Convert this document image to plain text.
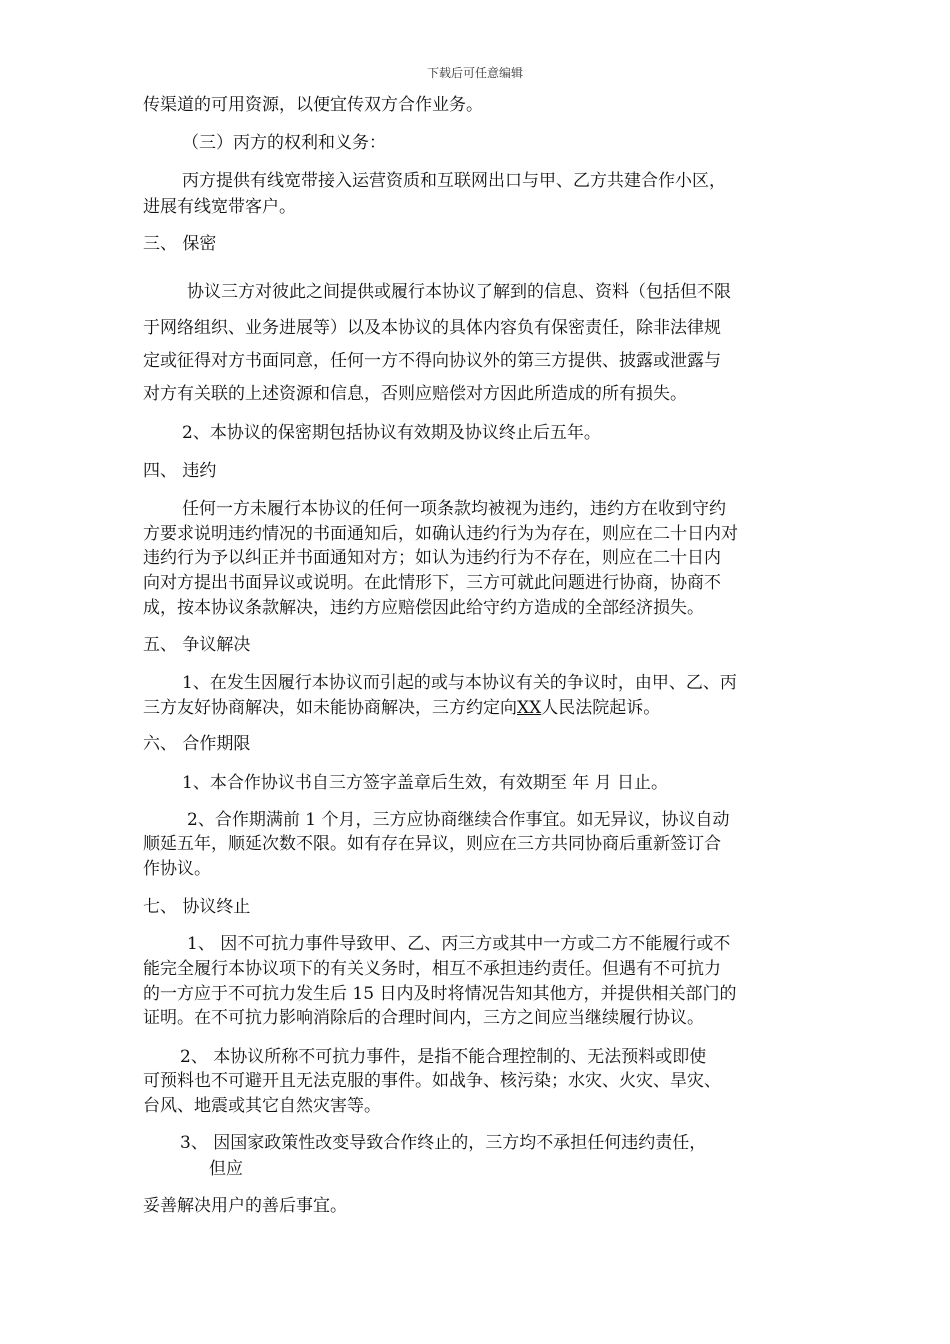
下载后可任意编辑
传渠道的可用资源，以便宜传双方合作业务。
（三）丙方的权利和义务：
丙方提供有线宽带接入运营资质和互联网出口与甲、乙方共建合作小区，
进展有线宽带客户。
三、 保密
协议三方对彼此之间提供或履行本协议了解到的信息、资料（包括但不限
于网络组织、业务进展等）以及本协议的具体内容负有保密责任，除非法律规
定或征得对方书面同意，任何一方不得向协议外的第三方提供、披露或泄露与
对方有关联的上述资源和信息，否则应赔偿对方因此所造成的所有损失。
2、本协议的保密期包括协议有效期及协议终止后五年。
四、 违约
任何一方未履行本协议的任何一项条款均被视为违约，违约方在收到守约
方要求说明违约情况的书面通知后，如确认违约行为为存在，则应在二十日内对
违约行为予以纠正并书面通知对方；如认为违约行为不存在，则应在二十日内
向对方提出书面异议或说明。在此情形下，三方可就此问题进行协商，协商不
成，按本协议条款解决，违约方应赔偿因此给守约方造成的全部经济损失。
五、 争议解决
1、在发生因履行本协议而引起的或与本协议有关的争议时，由甲、乙、丙
三方友好协商解决，如未能协商解决，三方约定向XX人民法院起诉。
六、 合作期限
1、本合作协议书自三方签字盖章后生效，有效期至 年 月 日止。
2、合作期满前 1 个月，三方应协商继续合作事宜。如无异议，协议自动
顺延五年，顺延次数不限。如有存在异议，则应在三方共同协商后重新签订合
作协议。
七、 协议终止
1、 因不可抗力事件导致甲、乙、丙三方或其中一方或二方不能履行或不
能完全履行本协议项下的有关义务时，相互不承担违约责任。但遇有不可抗力
的一方应于不可抗力发生后 15 日内及时将情况告知其他方，并提供相关部门的
证明。在不可抗力影响消除后的合理时间内，三方之间应当继续履行协议。
2、 本协议所称不可抗力事件，是指不能合理控制的、无法预料或即使
可预料也不可避开且无法克服的事件。如战争、核污染；水灾、火灾、旱灾、
台风、地震或其它自然灾害等。
3、 因国家政策性改变导致合作终止的，三方均不承担任何违约责任，
但应
妥善解决用户的善后事宜。
